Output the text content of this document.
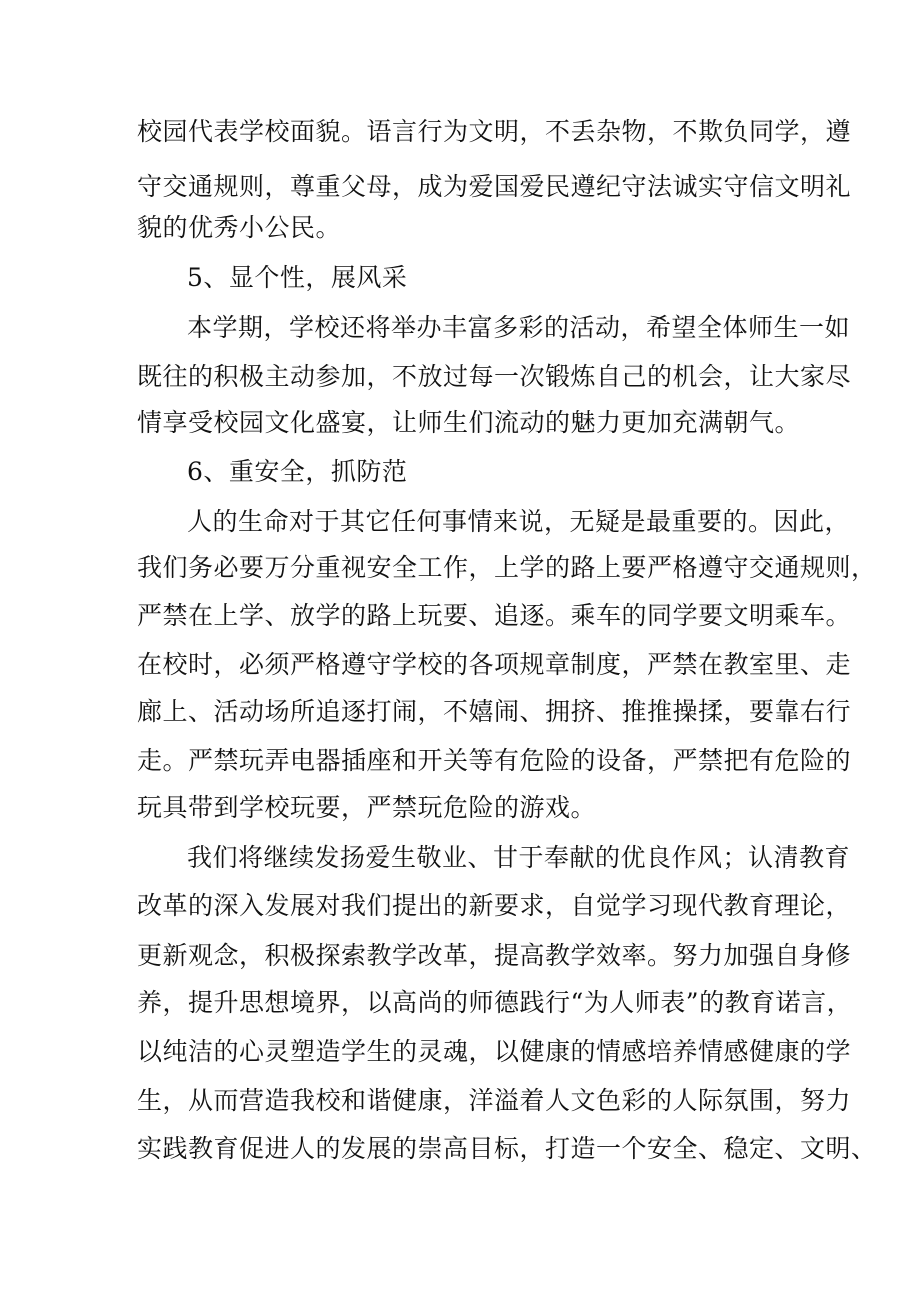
校园代表学校面貌。语言行为文明，不丢杂物，不欺负同学，遵
守交通规则，尊重父母，成为爱国爱民遵纪守法诚实守信文明礼
貌的优秀小公民。
5、显个性，展风采
本学期，学校还将举办丰富多彩的活动，希望全体师生一如
既往的积极主动参加，不放过每一次锻炼自己的机会，让大家尽
情享受校园文化盛宴，让师生们流动的魅力更加充满朝气。
6、重安全，抓防范
人的生命对于其它任何事情来说，无疑是最重要的。因此，
我们务必要万分重视安全工作，上学的路上要严格遵守交通规则，
严禁在上学、放学的路上玩要、追逐。乘车的同学要文明乘车。
在校时，必须严格遵守学校的各项规章制度，严禁在教室里、走
廊上、活动场所追逐打闹，不嬉闹、拥挤、推推操揉，要靠右行
走。严禁玩弄电器插座和开关等有危险的设备，严禁把有危险的
玩具带到学校玩要，严禁玩危险的游戏。
我们将继续发扬爱生敬业、甘于奉献的优良作风；认清教育
改革的深入发展对我们提出的新要求，自觉学习现代教育理论，
更新观念，积极探索教学改革，提高教学效率。努力加强自身修
养，提升思想境界，以高尚的师德践行“为人师表”的教育诺言，
以纯洁的心灵塑造学生的灵魂，以健康的情感培养情感健康的学
生，从而营造我校和谐健康，洋溢着人文色彩的人际氛围，努力
实践教育促进人的发展的崇高目标，打造一个安全、稳定、文明、
